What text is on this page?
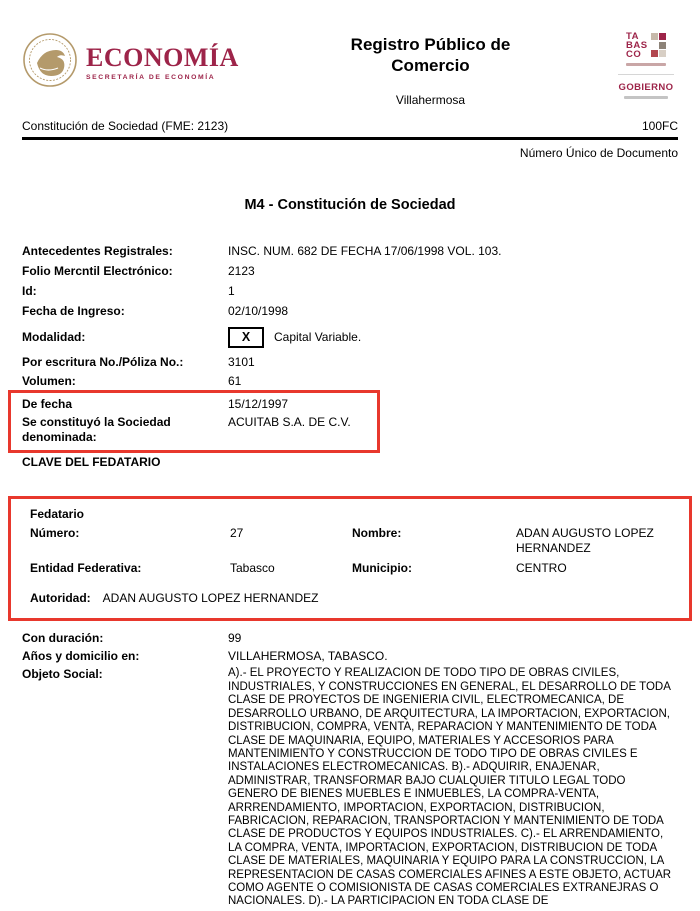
ECONOMÍA
SECRETARÍA DE ECONOMÍA
Registro Público de Comercio
Villahermosa
TA
BAS
CO
GOBIERNO
Constitución de Sociedad (FME: 2123)	100FC
Número Único de Documento
M4 - Constitución de Sociedad
Antecedentes Registrales:	INSC. NUM. 682 DE FECHA 17/06/1998 VOL. 103.
Folio Mercntil Electrónico:	2123
Id:	1
Fecha de Ingreso:	02/10/1998
Modalidad:	X	Capital Variable.
Por escritura No./Póliza No.:	3101
Volumen:	61
De fecha	15/12/1997
Se constituyó la Sociedad denominada:
ACUITAB S.A. DE C.V.
CLAVE DEL FEDATARIO
Fedatario
Número:	27	Nombre:	ADAN AUGUSTO LOPEZ HERNANDEZ
Entidad Federativa:	Tabasco	Municipio:	CENTRO
Autoridad: ADAN AUGUSTO LOPEZ HERNANDEZ
Con duración:	99
Años y domicilio en:	VILLAHERMOSA, TABASCO.
Objeto Social:	A).- EL PROYECTO Y REALIZACION DE TODO TIPO DE OBRAS CIVILES, INDUSTRIALES, Y CONSTRUCCIONES EN GENERAL, EL DESARROLLO DE TODA CLASE DE PROYECTOS DE INGENIERIA CIVIL, ELECTROMECANICA, DE DESARROLLO URBANO, DE ARQUITECTURA, LA IMPORTACION, EXPORTACION, DISTRIBUCION, COMPRA, VENTA, REPARACION Y MANTENIMIENTO DE TODA CLASE DE MAQUINARIA, EQUIPO, MATERIALES Y ACCESORIOS PARA MANTENIMIENTO Y CONSTRUCCION DE TODO TIPO DE OBRAS CIVILES E INSTALACIONES ELECTROMECANICAS. B).- ADQUIRIR, ENAJENAR, ADMINISTRAR, TRANSFORMAR BAJO CUALQUIER TITULO LEGAL TODO GENERO DE BIENES MUEBLES E INMUEBLES, LA COMPRA-VENTA, ARRRENDAMIENTO, IMPORTACION, EXPORTACION, DISTRIBUCION, FABRICACION, REPARACION, TRANSPORTACION Y MANTENIMIENTO DE TODA CLASE DE PRODUCTOS Y EQUIPOS INDUSTRIALES. C).- EL ARRENDAMIENTO, LA COMPRA, VENTA, IMPORTACION, EXPORTACION, DISTRIBUCION DE TODA CLASE DE MATERIALES, MAQUINARIA Y EQUIPO PARA LA CONSTRUCCION, LA REPRESENTACION DE CASAS COMERCIALES AFINES A ESTE OBJETO, ACTUAR COMO AGENTE O COMISIONISTA DE CASAS COMERCIALES EXTRANEJRAS O NACIONALES. D).- LA PARTICIPACION EN TODA CLASE DE
